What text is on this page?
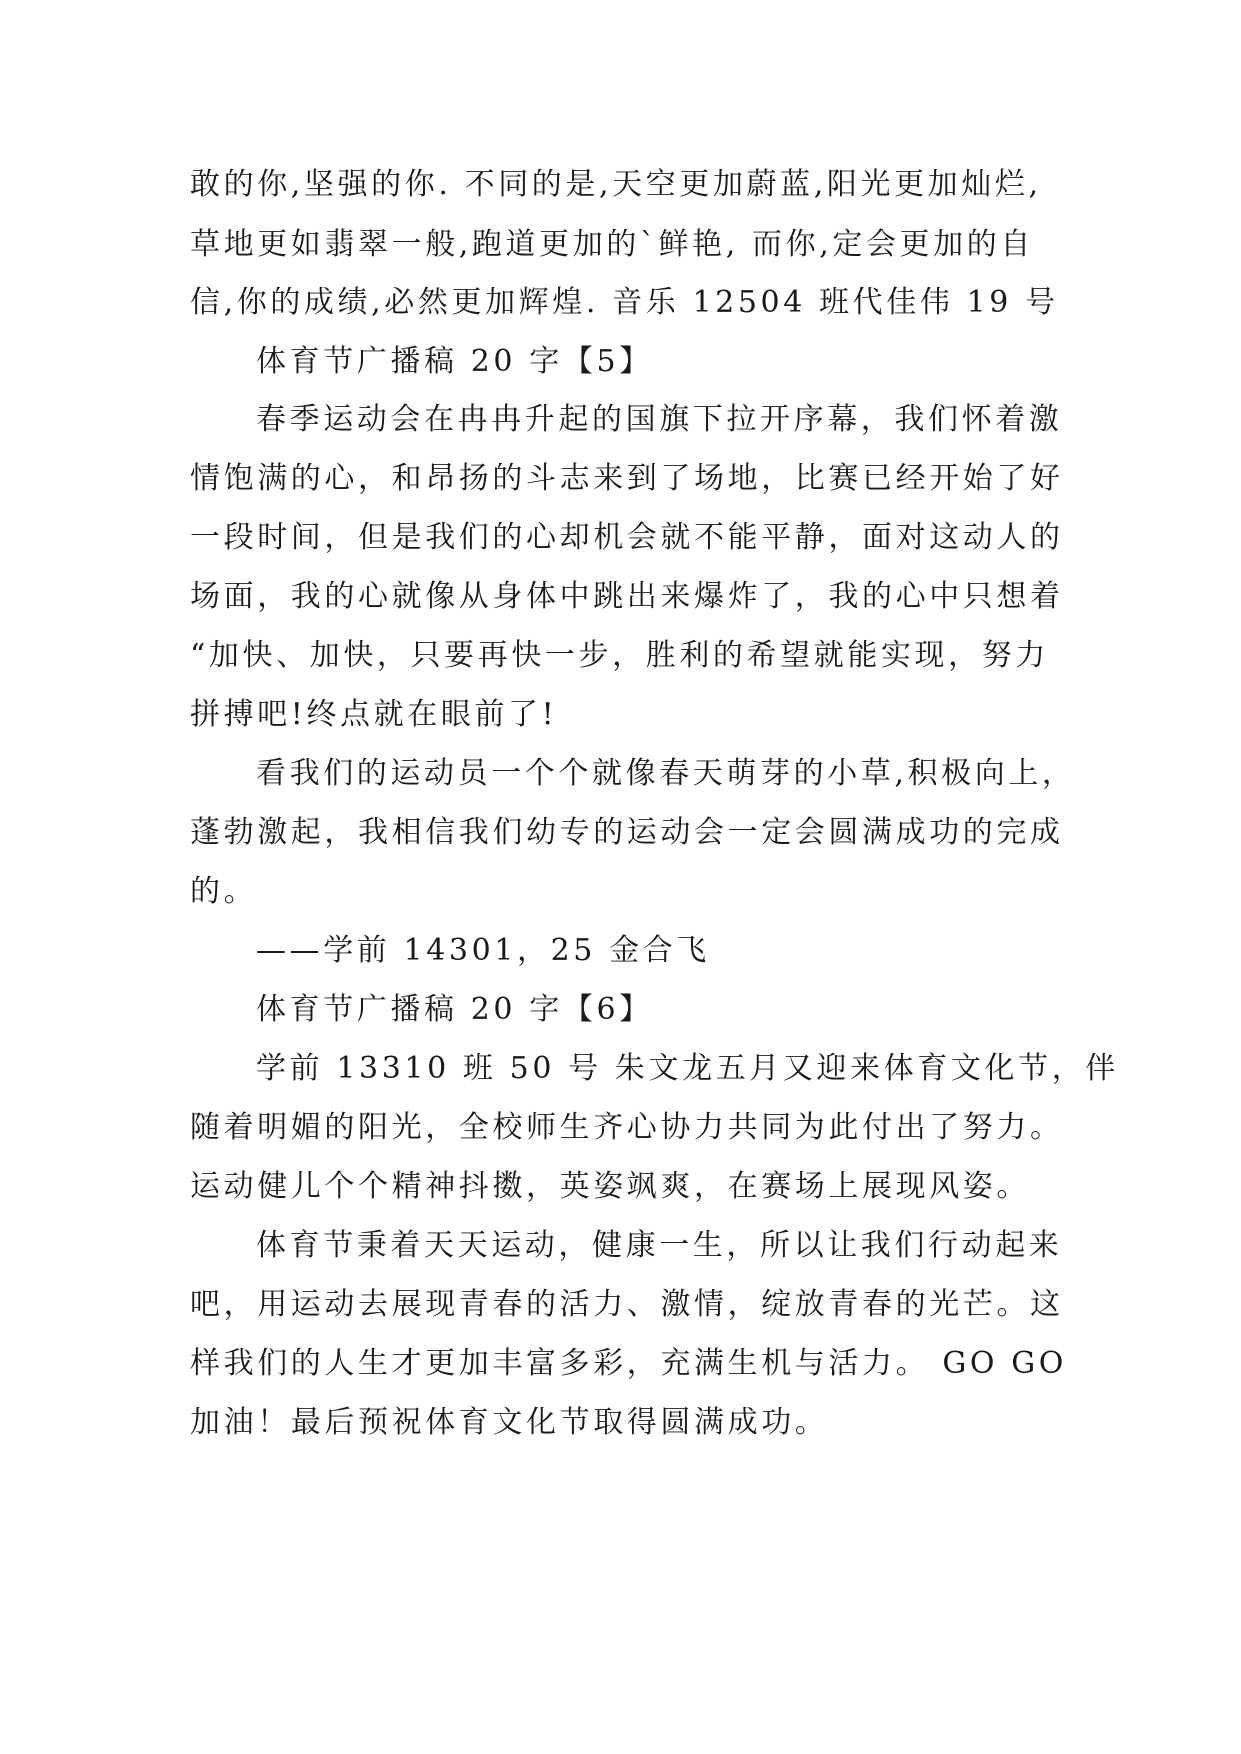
敢的你,坚强的你. 不同的是,天空更加蔚蓝,阳光更加灿烂,
草地更如翡翠一般,跑道更加的`鲜艳, 而你,定会更加的自
信,你的成绩,必然更加辉煌. 音乐 12504 班代佳伟 19 号
体育节广播稿 20 字【5】
春季运动会在冉冉升起的国旗下拉开序幕，我们怀着激
情饱满的心，和昂扬的斗志来到了场地，比赛已经开始了好
一段时间，但是我们的心却机会就不能平静，面对这动人的
场面，我的心就像从身体中跳出来爆炸了，我的心中只想着
“加快、加快，只要再快一步，胜利的希望就能实现，努力
拼搏吧!终点就在眼前了!
看我们的运动员一个个就像春天萌芽的小草,积极向上，
蓬勃激起，我相信我们幼专的运动会一定会圆满成功的完成
的。
——学前 14301，25 金合飞
体育节广播稿 20 字【6】
学前 13310 班 50 号 朱文龙五月又迎来体育文化节，伴
随着明媚的阳光，全校师生齐心协力共同为此付出了努力。
运动健儿个个精神抖擞，英姿飒爽，在赛场上展现风姿。
体育节秉着天天运动，健康一生，所以让我们行动起来
吧，用运动去展现青春的活力、激情，绽放青春的光芒。这
样我们的人生才更加丰富多彩，充满生机与活力。 GO GO
加油！最后预祝体育文化节取得圆满成功。
